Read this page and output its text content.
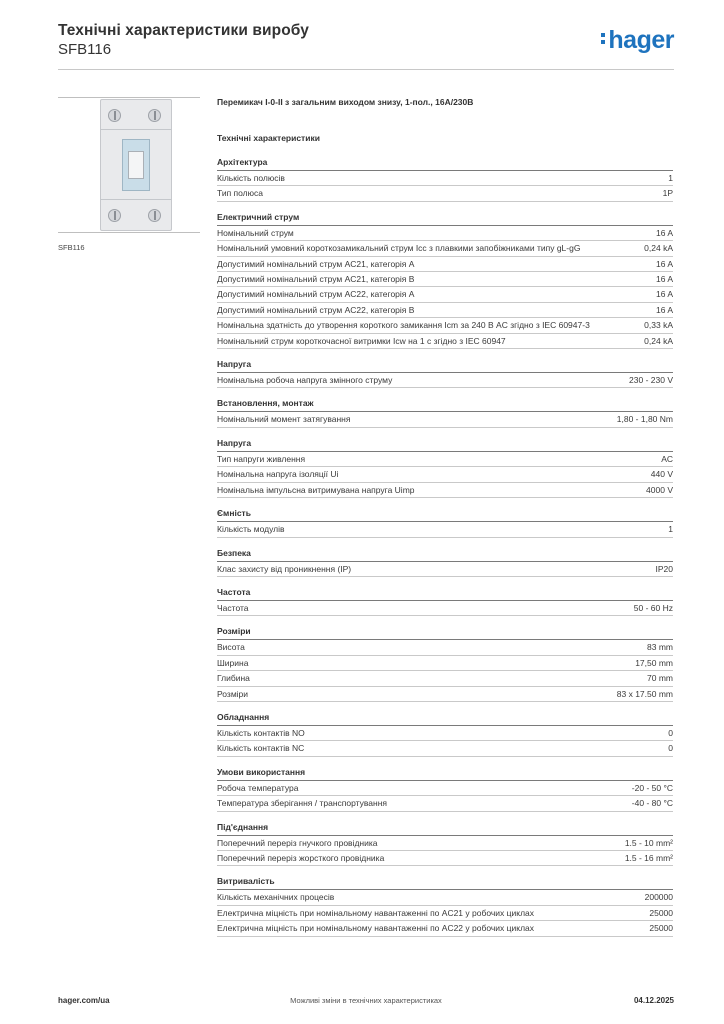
Технічні характеристики виробу
SFB116	hager
SFB116
Перемикач I-0-II з загальним виходом знизу, 1-пол., 16A/230В
Технічні характеристики
Архітектура
Кількість полюсів	1
Тип полюса	1P
Електричний струм
Номінальний струм	16 A
Номінальний умовний короткозамикальний струм Icc з плавкими запобіжниками типу gL-gG	0,24 kA
Допустимий номінальний струм AC21, категорія A	16 A
Допустимий номінальний струм AC21, категорія B	16 A
Допустимий номінальний струм AC22, категорія A	16 A
Допустимий номінальний струм AC22, категорія B	16 A
Номінальна здатність до утворення короткого замикання Icm за 240 В AC згідно з IEC 60947-3	0,33 kA
Номінальний струм короткочасної витримки Icw на 1 с згідно з IEC 60947	0,24 kA
Напруга
Номінальна робоча напруга змінного струму	230 - 230 V
Встановлення, монтаж
Номінальний момент затягування	1,80 - 1,80 Nm
Напруга
Тип напруги живлення	AC
Номінальна напруга ізоляції Ui	440 V
Номінальна імпульсна витримувана напруга Uimp	4000 V
Ємність
Кількість модулів	1
Безпека
Клас захисту від проникнення (IP)	IP20
Частота
Частота	50 - 60 Hz
Розміри
Висота	83 mm
Ширина	17,50 mm
Глибина	70 mm
Розміри	83 x 17.50 mm
Обладнання
Кількість контактів NO	0
Кількість контактів NC	0
Умови використання
Робоча температура	-20 - 50 °C
Температура зберігання / транспортування	-40 - 80 °C
Під'єднання
Поперечний переріз гнучкого провідника	1.5 - 10 mm²
Поперечний переріз жорсткого провідника	1.5 - 16 mm²
Витривалість
Кількість механічних процесів	200000
Електрична міцність при номінальному навантаженні по AC21 у робочих циклах	25000
Електрична міцність при номінальному навантаженні по AC22 у робочих циклах	25000
hager.com/ua	Можливі зміни в технічних характеристиках	04.12.2025
